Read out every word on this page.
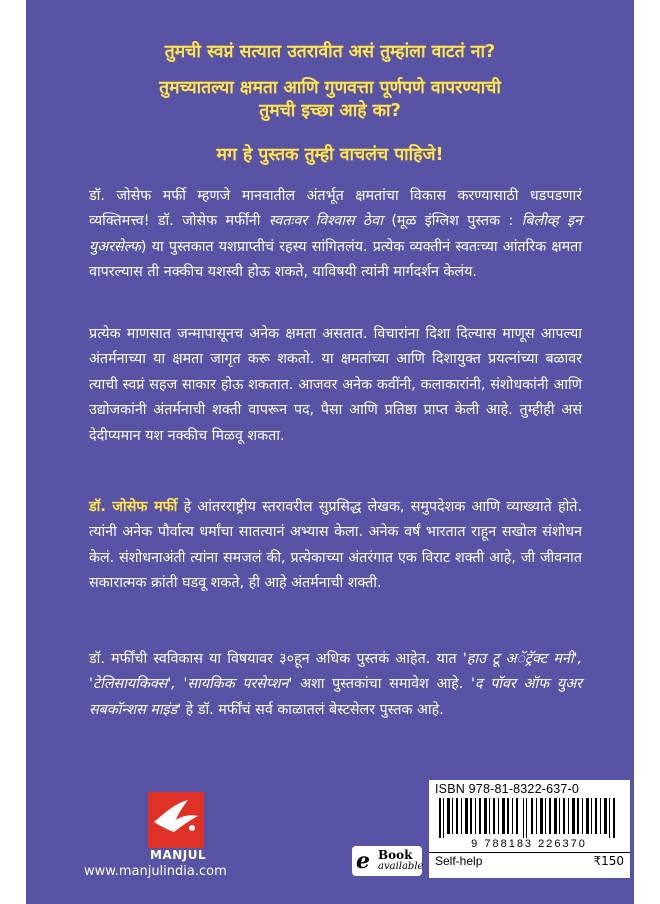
तुमची स्वप्नं सत्यात उतरावीत असं तुम्हांला वाटतं ना?
तुमच्यातल्या क्षमता आणि गुणवत्ता पूर्णपणे वापरण्याची
तुमची इच्छा आहे का?
मग हे पुस्तक तुम्ही वाचलंच पाहिजे!
डॉ. जोसेफ मर्फी म्हणजे मानवातील अंतर्भूत क्षमतांचा विकास करण्यासाठी धडपडणारं व्यक्तिमत्त्व! डॉ. जोसेफ मर्फींनी स्वतःवर विश्वास ठेवा (मूळ इंग्लिश पुस्तक : बिलीव्ह इन युअरसेल्फ) या पुस्तकात यशप्राप्तीचं रहस्य सांगितलंय. प्रत्येक व्यक्तीनं स्वतःच्या आंतरिक क्षमता वापरल्यास ती नक्कीच यशस्वी होऊ शकते, याविषयी त्यांनी मार्गदर्शन केलंय.
प्रत्येक माणसात जन्मापासूनच अनेक क्षमता असतात. विचारांना दिशा दिल्यास माणूस आपल्या अंतर्मनाच्या या क्षमता जागृत करू शकतो. या क्षमतांच्या आणि दिशायुक्त प्रयत्नांच्या बळावर त्याची स्वप्नं सहज साकार होऊ शकतात. आजवर अनेक कवींनी, कलाकारांनी, संशोधकांनी आणि उद्योजकांनी अंतर्मनाची शक्ती वापरून पद, पैसा आणि प्रतिष्ठा प्राप्त केली आहे. तुम्हीही असं देदीप्यमान यश नक्कीच मिळवू शकता.
डॉ. जोसेफ मर्फी हे आंतरराष्ट्रीय स्तरावरील सुप्रसिद्ध लेखक, समुपदेशक आणि व्याख्याते होते. त्यांनी अनेक पौर्वात्य धर्मांचा सातत्यानं अभ्यास केला. अनेक वर्षं भारतात राहून सखोल संशोधन केलं. संशोधनाअंती त्यांना समजलं की, प्रत्येकाच्या अंतरंगात एक विराट शक्ती आहे, जी जीवनात सकारात्मक क्रांती घडवू शकते, ही आहे अंतर्मनाची शक्ती.
डॉ. मर्फींची स्वविकास या विषयावर ३०हून अधिक पुस्तकं आहेत. यात 'हाउ टू अॅट्रॅक्ट मनी', 'टेलिसायकिक्स', 'सायकिक परसेप्शन' अशा पुस्तकांचा समावेश आहे. 'द पॉवर ऑफ युअर सबकॉन्शस माइंड' हे डॉ. मर्फींचं सर्व काळातलं बेस्टसेलर पुस्तक आहे.
MANJUL
www.manjulindia.com	e Book
available
ISBN 978-81-8322-637-0
9 788183 226370
Self-help	₹150
